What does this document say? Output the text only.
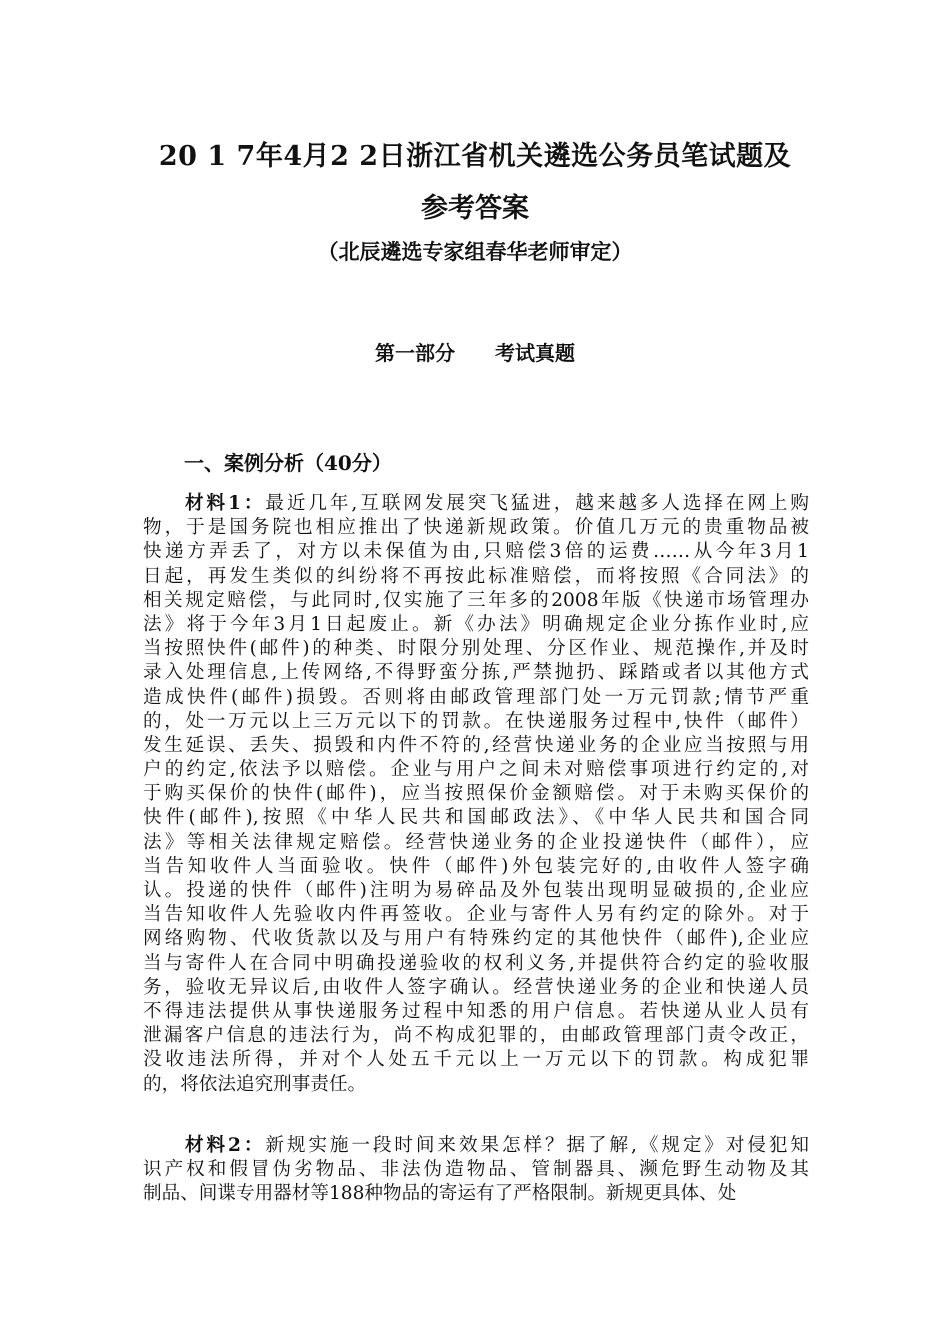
20 1 7年4月2 2日浙江省机关遴选公务员笔试题及
参考答案
（北辰遴选专家组春华老师审定）
第一部分　　考试真题
一、案例分析（40分）
材料1：最近几年,互联网发展突飞猛进，越来越多人选择在网上购
物，于是国务院也相应推出了快递新规政策。价值几万元的贵重物品被
快递方弄丢了，对方以未保值为由,只赔偿3倍的运费……从今年3月1
日起，再发生类似的纠纷将不再按此标准赔偿，而将按照《合同法》的
相关规定赔偿，与此同时,仅实施了三年多的2008年版《快递市场管理办
法》将于今年3月1日起废止。新《办法》明确规定企业分拣作业时,应
当按照快件(邮件)的种类、时限分别处理、分区作业、规范操作,并及时
录入处理信息,上传网络,不得野蛮分拣,严禁抛扔、踩踏或者以其他方式
造成快件(邮件)损毁。否则将由邮政管理部门处一万元罚款;情节严重
的，处一万元以上三万元以下的罚款。在快递服务过程中,快件（邮件）
发生延误、丢失、损毁和内件不符的,经营快递业务的企业应当按照与用
户的约定,依法予以赔偿。企业与用户之间未对赔偿事项进行约定的,对
于购买保价的快件(邮件)，应当按照保价金额赔偿。对于未购买保价的
快件(邮件),按照《中华人民共和国邮政法》、《中华人民共和国合同
法》等相关法律规定赔偿。经营快递业务的企业投递快件（邮件），应
当告知收件人当面验收。快件（邮件)外包装完好的,由收件人签字确
认。投递的快件（邮件)注明为易碎品及外包装出现明显破损的,企业应
当告知收件人先验收内件再签收。企业与寄件人另有约定的除外。对于
网络购物、代收货款以及与用户有特殊约定的其他快件（邮件),企业应
当与寄件人在合同中明确投递验收的权利义务,并提供符合约定的验收服
务，验收无异议后,由收件人签字确认。经营快递业务的企业和快递人员
不得违法提供从事快递服务过程中知悉的用户信息。若快递从业人员有
泄漏客户信息的违法行为，尚不构成犯罪的，由邮政管理部门责令改正，
没收违法所得，并对个人处五千元以上一万元以下的罚款。构成犯罪
的，将依法追究刑事责任。
材料2：新规实施一段时间来效果怎样？据了解,《规定》对侵犯知
识产权和假冒伪劣物品、非法伪造物品、管制器具、濒危野生动物及其
制品、间谍专用器材等188种物品的寄运有了严格限制。新规更具体、处
